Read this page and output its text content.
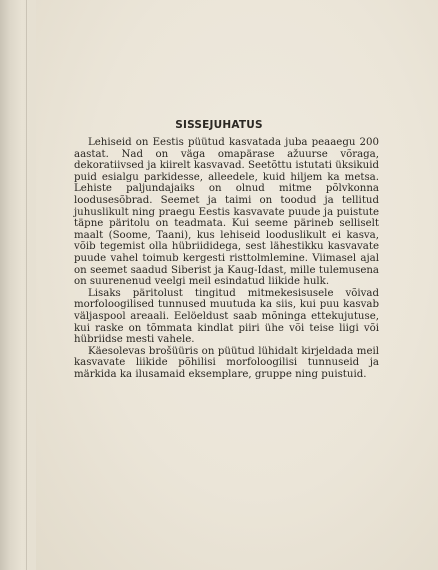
SISSEJUHATUS

Lehiseid on Eestis püütud kasvatada juba peaaegu 200 aastat. Nad on väga omapärase ažuurse võraga, dekoratiivsed ja kiirelt kasvavad. Seetõttu istutati üksikuid puid esialgu parkidesse, alleedele, kuid hiljem ka metsa. Lehiste paljundajaiks on olnud mitme põlvkonna loodusesõbrad. Seemet ja taimi on toodud ja tellitud juhuslikult ning praegu Eestis kasvavate puude ja puistute täpne päritolu on teadmata. Kui seeme pärineb selliselt maalt (Soome, Taani), kus lehiseid looduslikult ei kasva, võib tegemist olla hübriididega, sest lähestikku kasvavate puude vahel toimub kergesti risttolmlemine. Viimasel ajal on seemet saadud Siberist ja Kaug-Idast, mille tulemusena on suurenenud veelgi meil esindatud liikide hulk.

Lisaks päritolust tingitud mitmekesisusele võivad morfoloogilised tunnused muutuda ka siis, kui puu kasvab väljaspool areaali. Eelöeldust saab mõninga ettekujutuse, kui raske on tõmmata kindlat piiri ühe või teise liigi või hübriidse mesti vahele.

Käesolevas brošüüris on püütud lühidalt kirjeldada meil kasvavate liikide põhilisi morfoloogilisi tunnuseid ja märkida ka ilusamaid eksemplare, gruppe ning puistuid.
